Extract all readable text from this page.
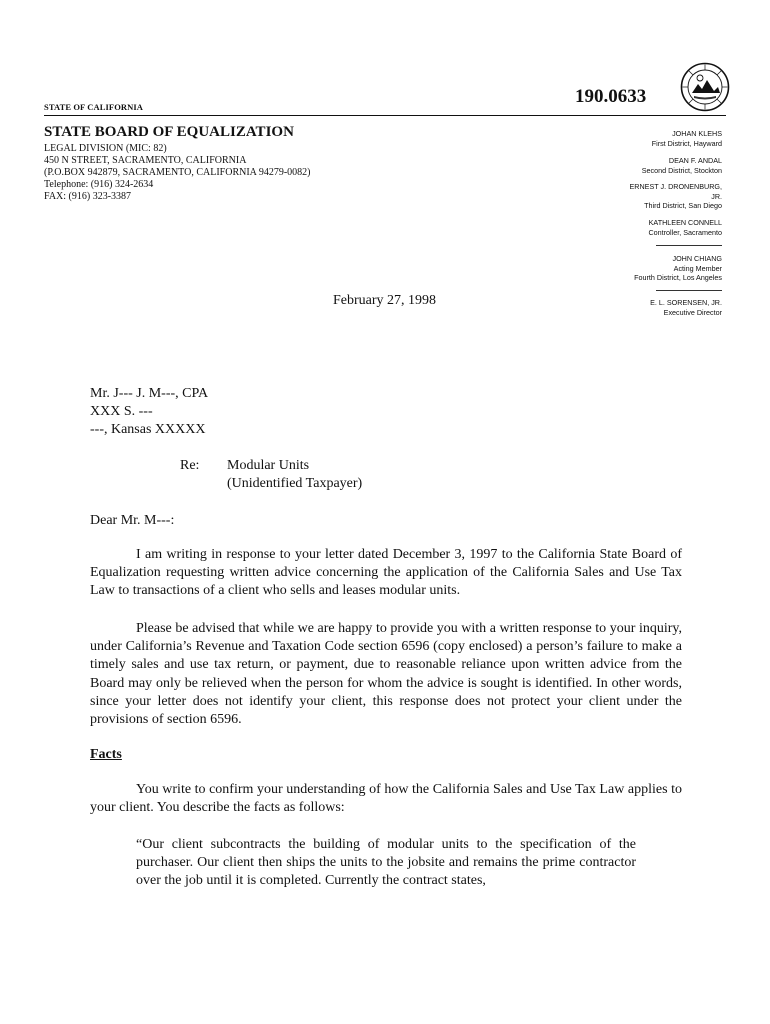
190.0633
STATE OF CALIFORNIA
STATE BOARD OF EQUALIZATION
LEGAL DIVISION (MIC: 82)
450 N STREET, SACRAMENTO, CALIFORNIA
(P.O.BOX 942879, SACRAMENTO, CALIFORNIA 94279-0082)
Telephone: (916) 324-2634
FAX: (916) 323-3387
JOHAN KLEHS
First District, Hayward
DEAN F. ANDAL
Second District, Stockton
ERNEST J. DRONENBURG,
JR.
Third District, San Diego
KATHLEEN CONNELL
Controller, Sacramento
JOHN CHIANG
Acting Member
Fourth District, Los Angeles
E. L. SORENSEN, JR.
Executive Director
February 27, 1998
Mr. J--- J. M---, CPA
XXX S. ---
---, Kansas XXXXX
Re: Modular Units
(Unidentified Taxpayer)
Dear Mr. M---:
I am writing in response to your letter dated December 3, 1997 to the California State Board of Equalization requesting written advice concerning the application of the California Sales and Use Tax Law to transactions of a client who sells and leases modular units.
Please be advised that while we are happy to provide you with a written response to your inquiry, under California’s Revenue and Taxation Code section 6596 (copy enclosed) a person’s failure to make a timely sales and use tax return, or payment, due to reasonable reliance upon written advice from the Board may only be relieved when the person for whom the advice is sought is identified. In other words, since your letter does not identify your client, this response does not protect your client under the provisions of section 6596.
Facts
You write to confirm your understanding of how the California Sales and Use Tax Law applies to your client. You describe the facts as follows:
“Our client subcontracts the building of modular units to the specification of the purchaser. Our client then ships the units to the jobsite and remains the prime contractor over the job until it is completed. Currently the contract states,
